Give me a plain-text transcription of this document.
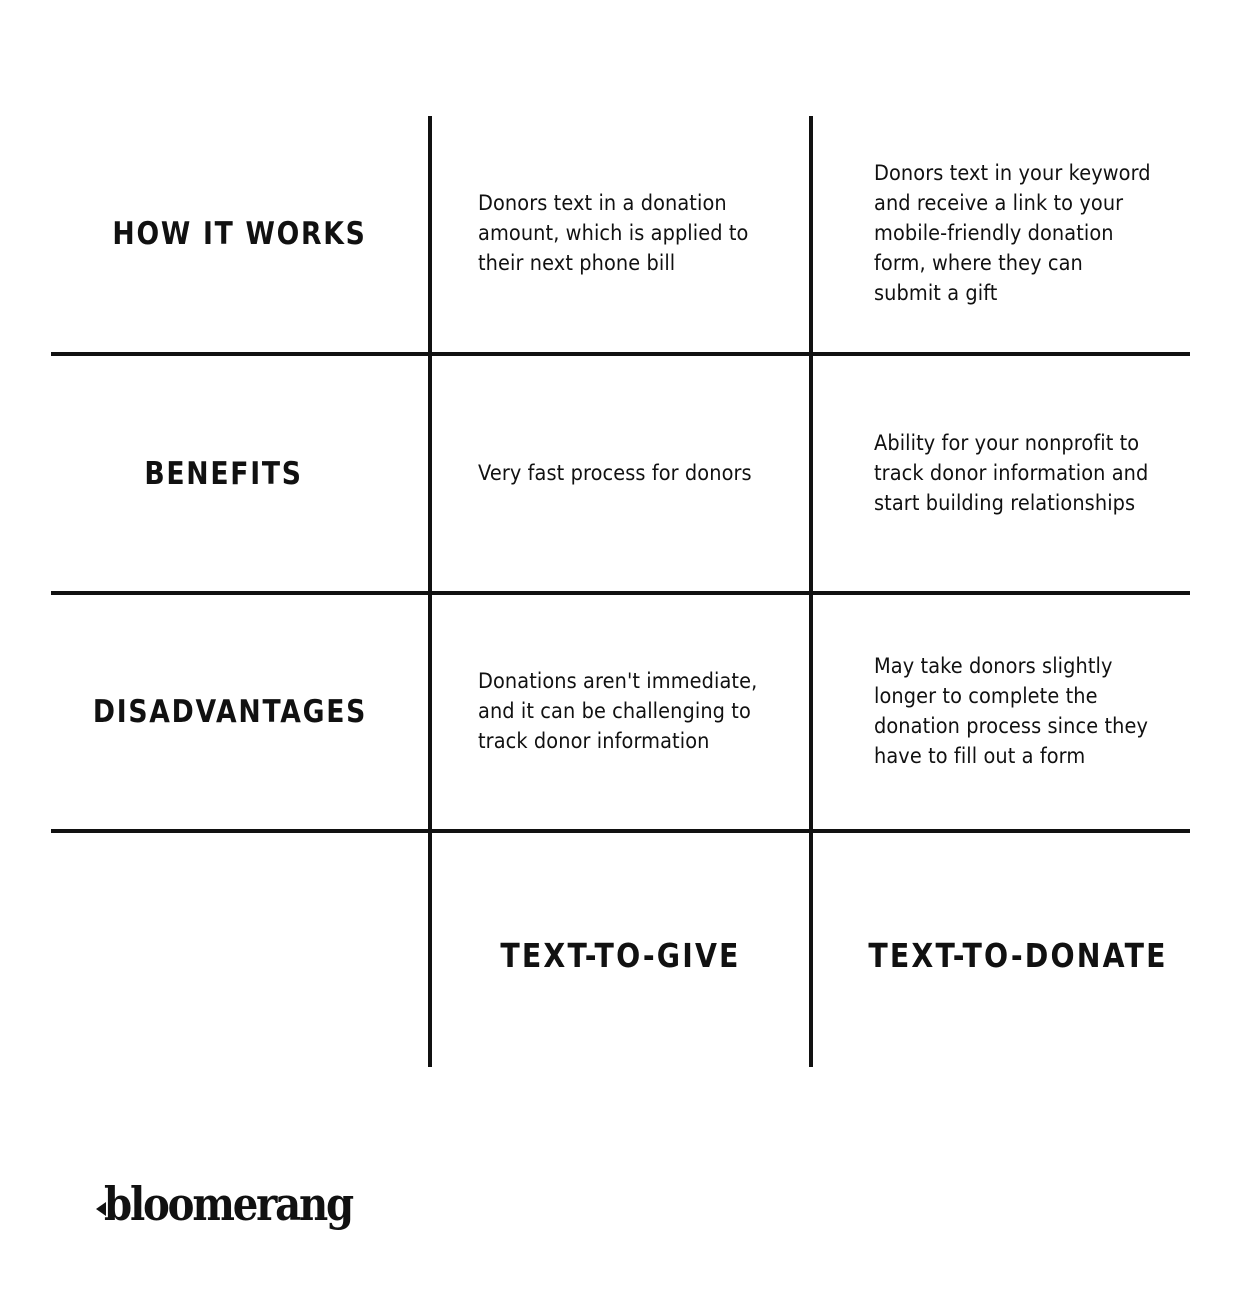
HOW IT WORKS
Donors text in a donation amount, which is applied to their next phone bill
Donors text in your keyword and receive a link to your mobile-friendly donation form, where they can submit a gift
BENEFITS	Very fast process for donors
Ability for your nonprofit to track donor information and start building relationships
DISADVANTAGES
Donations aren't immediate, and it can be challenging to track donor information
May take donors slightly longer to complete the donation process since they have to fill out a form
TEXT-TO-GIVE	TEXT-TO-DONATE
bloomerang
